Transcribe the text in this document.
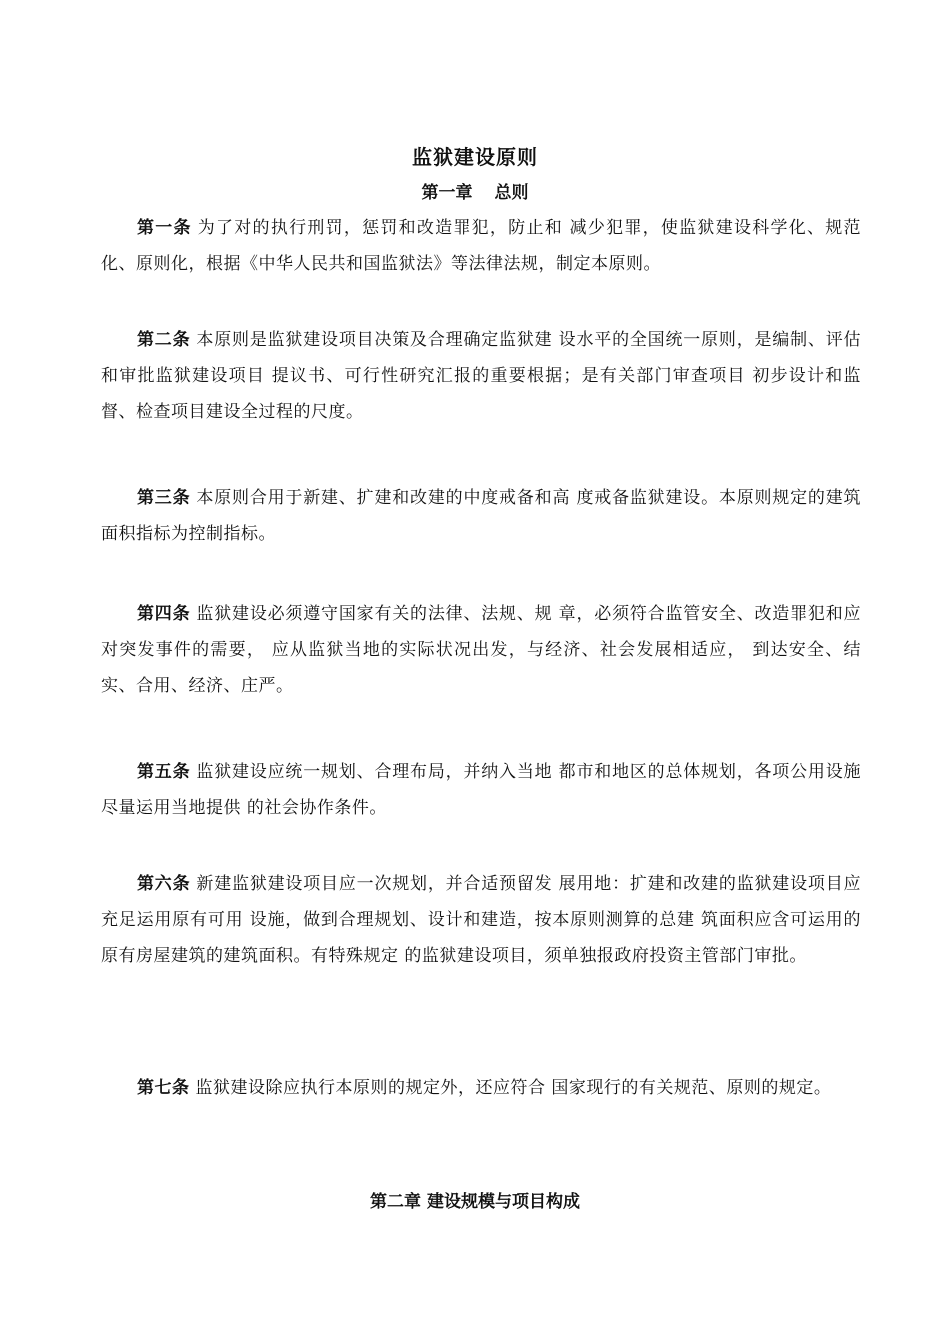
监狱建设原则
第一章 总则

第一条 为了对的执行刑罚，惩罚和改造罪犯，防止和 减少犯罪，使监狱建设科学化、规范化、原则化，根据《中华人民共和国监狱法》等法律法规，制定本原则。

第二条 本原则是监狱建设项目决策及合理确定监狱建 设水平的全国统一原则，是编制、评估和审批监狱建设项目 提议书、可行性研究汇报的重要根据；是有关部门审查项目 初步设计和监督、检查项目建设全过程的尺度。

第三条 本原则合用于新建、扩建和改建的中度戒备和高 度戒备监狱建设。本原则规定的建筑面积指标为控制指标。

第四条 监狱建设必须遵守国家有关的法律、法规、规 章，必须符合监管安全、改造罪犯和应对突发事件的需要， 应从监狱当地的实际状况出发，与经济、社会发展相适应， 到达安全、结实、合用、经济、庄严。

第五条 监狱建设应统一规划、合理布局，并纳入当地 都市和地区的总体规划，各项公用设施尽量运用当地提供 的社会协作条件。

第六条 新建监狱建设项目应一次规划，并合适预留发 展用地：扩建和改建的监狱建设项目应充足运用原有可用 设施，做到合理规划、设计和建造，按本原则测算的总建 筑面积应含可运用的原有房屋建筑的建筑面积。有特殊规定 的监狱建设项目，须单独报政府投资主管部门审批。

第七条 监狱建设除应执行本原则的规定外，还应符合 国家现行的有关规范、原则的规定。

第二章 建设规模与项目构成
